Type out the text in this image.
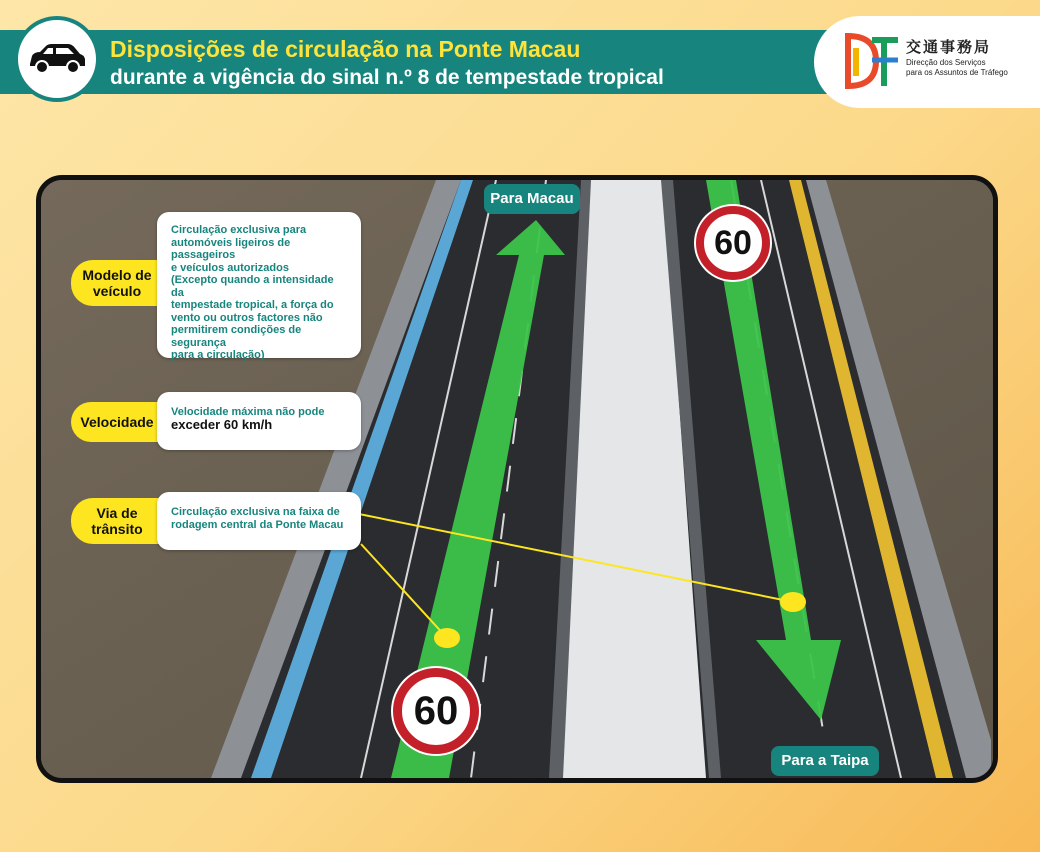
Disposições de circulação na Ponte Macau
durante a vigência do sinal n.º 8 de tempestade tropical
交通事務局
Direcção dos Serviços
para os Assuntos de Tráfego
Para Macau
Para a Taipa
60
60
Modelo de
veículo
Circulação exclusiva para
automóveis ligeiros de passageiros
e veículos autorizados
(Excepto quando a intensidade da
tempestade tropical, a força do
vento ou outros factores não
permitirem condições de segurança
para a circulação)
Velocidade
Velocidade máxima não pode
exceder 60 km/h
Via de
trânsito
Circulação exclusiva na faixa de
rodagem central da Ponte Macau
